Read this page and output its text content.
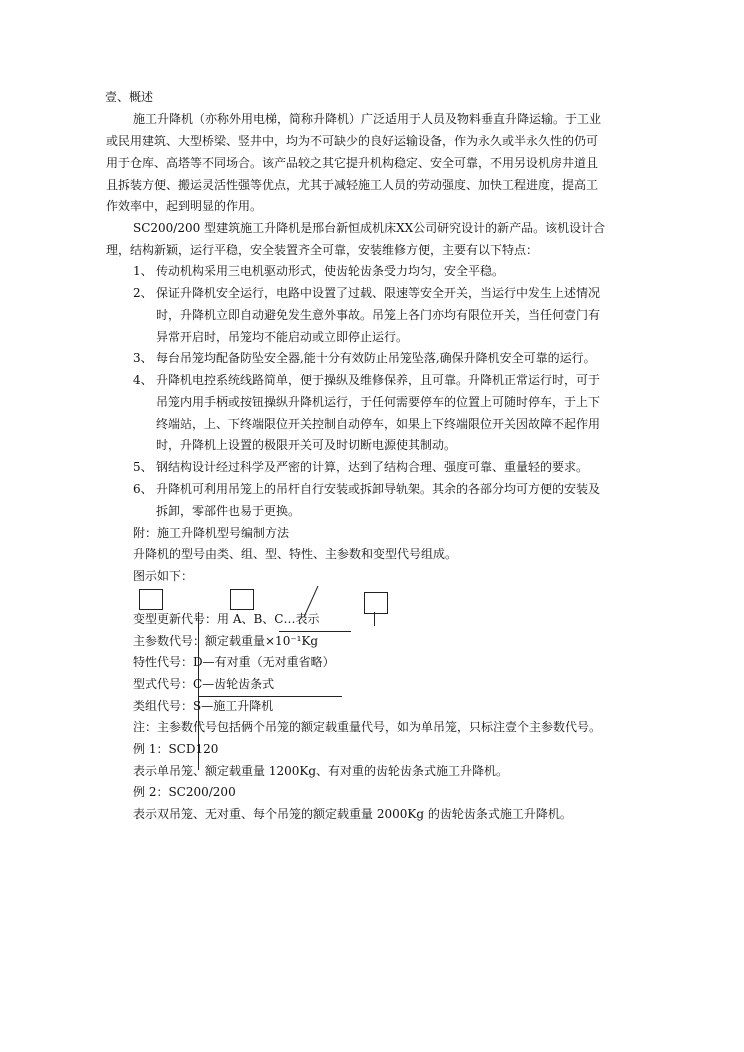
壹、概述
施工升降机（亦称外用电梯，简称升降机）广泛适用于人员及物料垂直升降运输。于工业
或民用建筑、大型桥梁、竖井中，均为不可缺少的良好运输设备，作为永久或半永久性的仍可
用于仓库、高塔等不同场合。该产品较之其它提升机构稳定、安全可靠，不用另设机房井道且
且拆装方便、搬运灵活性强等优点，尤其于减轻施工人员的劳动强度、加快工程进度，提高工
作效率中，起到明显的作用。
SC200/200 型建筑施工升降机是邢台新恒成机床XX公司研究设计的新产品。该机设计合
理，结构新颖，运行平稳，安全装置齐全可靠，安装维修方便，主要有以下特点：
1、 传动机构采用三电机驱动形式，使齿轮齿条受力均匀，安全平稳。
2、 保证升降机安全运行，电路中设置了过载、限速等安全开关，当运行中发生上述情况
时，升降机立即自动避免发生意外事故。吊笼上各门亦均有限位开关，当任何壹门有
异常开启时，吊笼均不能启动或立即停止运行。
3、 每台吊笼均配备防坠安全器,能十分有效防止吊笼坠落,确保升降机安全可靠的运行。
4、 升降机电控系统线路简单，便于操纵及维修保养，且可靠。升降机正常运行时，可于
吊笼内用手柄或按钮操纵升降机运行，于任何需要停车的位置上可随时停车，于上下
终端站，上、下终端限位开关控制自动停车，如果上下终端限位开关因故障不起作用
时，升降机上设置的极限开关可及时切断电源使其制动。
5、 钢结构设计经过科学及严密的计算，达到了结构合理、强度可靠、重量轻的要求。
6、 升降机可利用吊笼上的吊杆自行安装或拆卸导轨架。其余的各部分均可方便的安装及
拆卸，零部件也易于更换。
附：施工升降机型号编制方法
升降机的型号由类、组、型、特性、主参数和变型代号组成。
图示如下：
变型更新代号：用 A、B、C…表示
主参数代号：额定载重量×10⁻¹Kg
特性代号：D—有对重（无对重省略）
型式代号：C—齿轮齿条式
类组代号：S—施工升降机
注：主参数代号包括俩个吊笼的额定载重量代号，如为单吊笼，只标注壹个主参数代号。
例 1：SCD120
表示单吊笼、额定载重量 1200Kg、有对重的齿轮齿条式施工升降机。
例 2：SC200/200
表示双吊笼、无对重、每个吊笼的额定载重量 2000Kg 的齿轮齿条式施工升降机。
